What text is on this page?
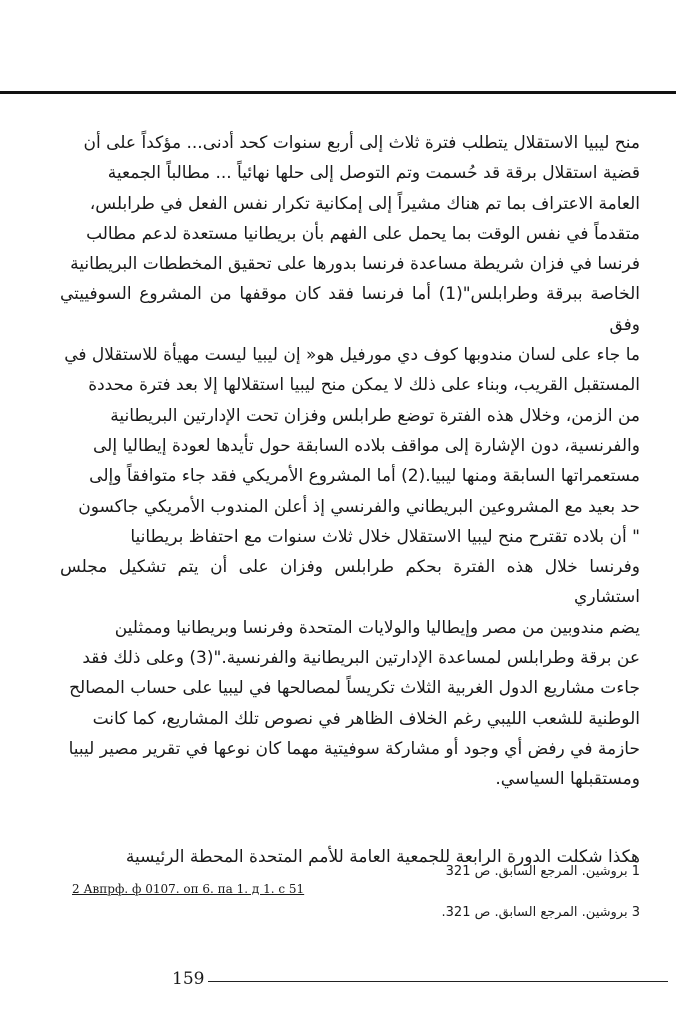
منح ليبيا الاستقلال يتطلب فترة ثلاث إلى أربع سنوات كحد أدنى... مؤكداً على أن

قضية استقلال برقة قد حُسمت وتم التوصل إلى حلها نهائياً ... مطالباً الجمعية

العامة الاعتراف بما تم هناك مشيراً إلى إمكانية تكرار نفس الفعل في طرابلس،

متقدماً في نفس الوقت بما يحمل على الفهم بأن بريطانيا مستعدة لدعم مطالب

فرنسا في فزان شريطة مساعدة فرنسا بدورها على تحقيق المخططات البريطانية

الخاصة ببرقة وطرابلس"(1) أما فرنسا فقد كان موقفها من المشروع السوفييتي وفق

ما جاء على لسان مندوبها كوف دي مورفيل هو« إن ليبيا ليست مهيأة للاستقلال في

المستقبل القريب، وبناء على ذلك لا يمكن منح ليبيا استقلالها إلا بعد فترة محددة

من الزمن، وخلال هذه الفترة توضع طرابلس وفزان تحت الإدارتين البريطانية

والفرنسية، دون الإشارة إلى مواقف بلاده السابقة حول تأيدها لعودة إيطاليا إلى

مستعمراتها السابقة ومنها ليبيا.(2) أما المشروع الأمريكي فقد جاء متوافقاً وإلى

حد بعيد مع المشروعين البريطاني والفرنسي إذ أعلن المندوب الأمريكي جاكسون

" أن بلاده تقترح منح ليبيا الاستقلال خلال ثلاث سنوات مع احتفاظ بريطانيا

وفرنسا خلال هذه الفترة بحكم طرابلس وفزان على أن يتم تشكيل مجلس استشاري

يضم مندوبين من مصر وإيطاليا والولايات المتحدة وفرنسا وبريطانيا وممثلين

عن برقة وطرابلس لمساعدة الإدارتين البريطانية والفرنسية."(3) وعلى ذلك فقد

جاءت مشاريع الدول الغربية الثلاث تكريساً لمصالحها في ليبيا على حساب المصالح

الوطنية للشعب الليبي رغم الخلاف الظاهر في نصوص تلك المشاريع، كما كانت

حازمة في رفض أي وجود أو مشاركة سوفيتية مهما كان نوعها في تقرير مصير ليبيا

ومستقبلها السياسي.

هكذا شكلت الدورة الرابعة للجمعية العامة للأمم المتحدة المحطة الرئيسية

1 بروشين. المرجع السابق. ص 321
2 Авпрф. ф 0107. оп 6. па 1. д 1. с 51
3 بروشين. المرجع السابق. ص 321.
159
